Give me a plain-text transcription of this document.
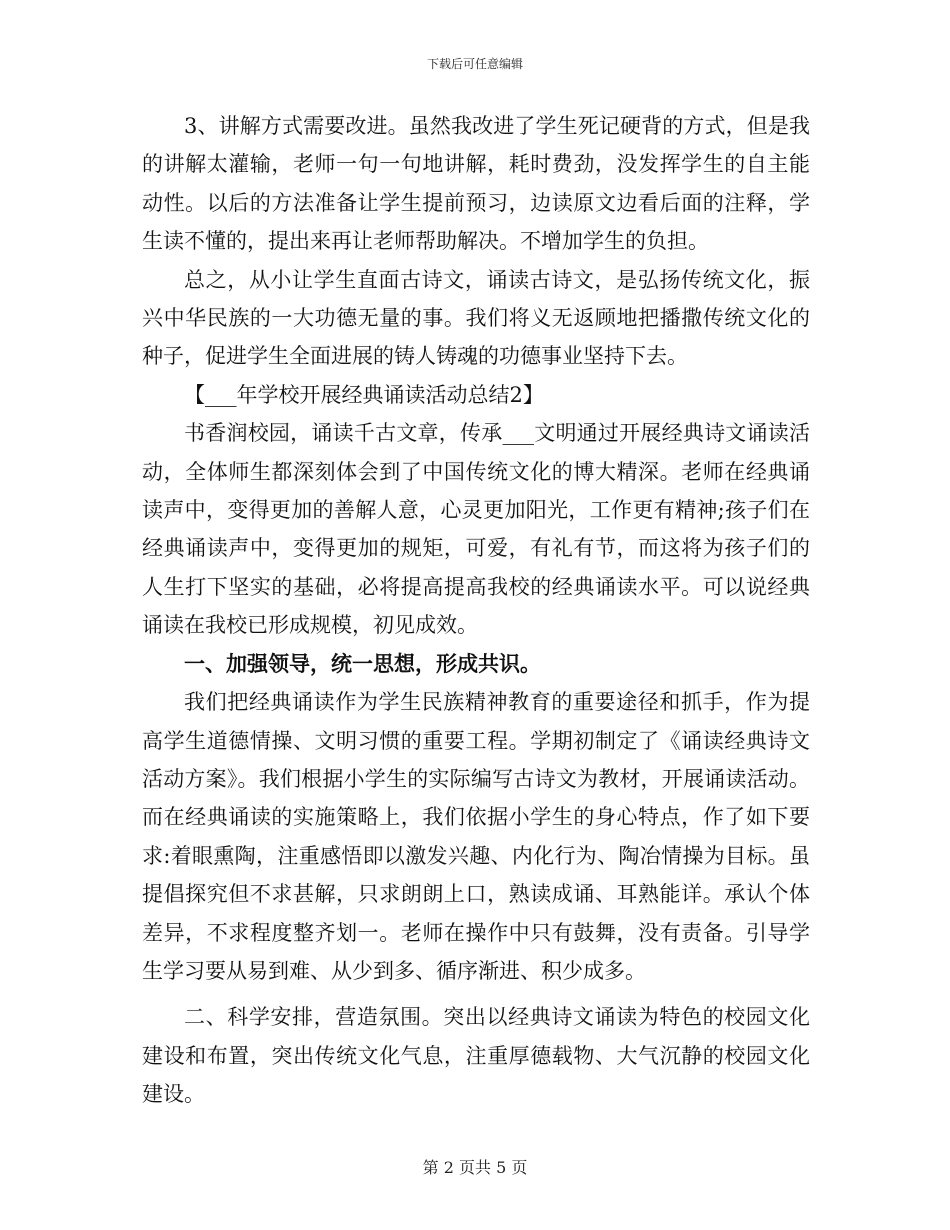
下载后可任意编辑

3、讲解方式需要改进。虽然我改进了学生死记硬背的方式，但是我的讲解太灌输，老师一句一句地讲解，耗时费劲，没发挥学生的自主能动性。以后的方法准备让学生提前预习，边读原文边看后面的注释，学生读不懂的，提出来再让老师帮助解决。不增加学生的负担。

总之，从小让学生直面古诗文，诵读古诗文，是弘扬传统文化，振兴中华民族的一大功德无量的事。我们将义无返顾地把播撒传统文化的种子，促进学生全面进展的铸人铸魂的功德事业坚持下去。

【___年学校开展经典诵读活动总结2】

书香润校园，诵读千古文章，传承___文明通过开展经典诗文诵读活动，全体师生都深刻体会到了中国传统文化的博大精深。老师在经典诵读声中，变得更加的善解人意，心灵更加阳光，工作更有精神;孩子们在经典诵读声中，变得更加的规矩，可爱，有礼有节，而这将为孩子们的人生打下坚实的基础，必将提高提高我校的经典诵读水平。可以说经典诵读在我校已形成规模，初见成效。

一、加强领导，统一思想，形成共识。

我们把经典诵读作为学生民族精神教育的重要途径和抓手，作为提高学生道德情操、文明习惯的重要工程。学期初制定了《诵读经典诗文活动方案》。我们根据小学生的实际编写古诗文为教材，开展诵读活动。而在经典诵读的实施策略上，我们依据小学生的身心特点，作了如下要求:着眼熏陶，注重感悟即以激发兴趣、内化行为、陶冶情操为目标。虽提倡探究但不求甚解，只求朗朗上口，熟读成诵、耳熟能详。承认个体差异，不求程度整齐划一。老师在操作中只有鼓舞，没有责备。引导学生学习要从易到难、从少到多、循序渐进、积少成多。

二、科学安排，营造氛围。突出以经典诗文诵读为特色的校园文化建设和布置，突出传统文化气息，注重厚德载物、大气沉静的校园文化建设。

第 2 页共 5 页
